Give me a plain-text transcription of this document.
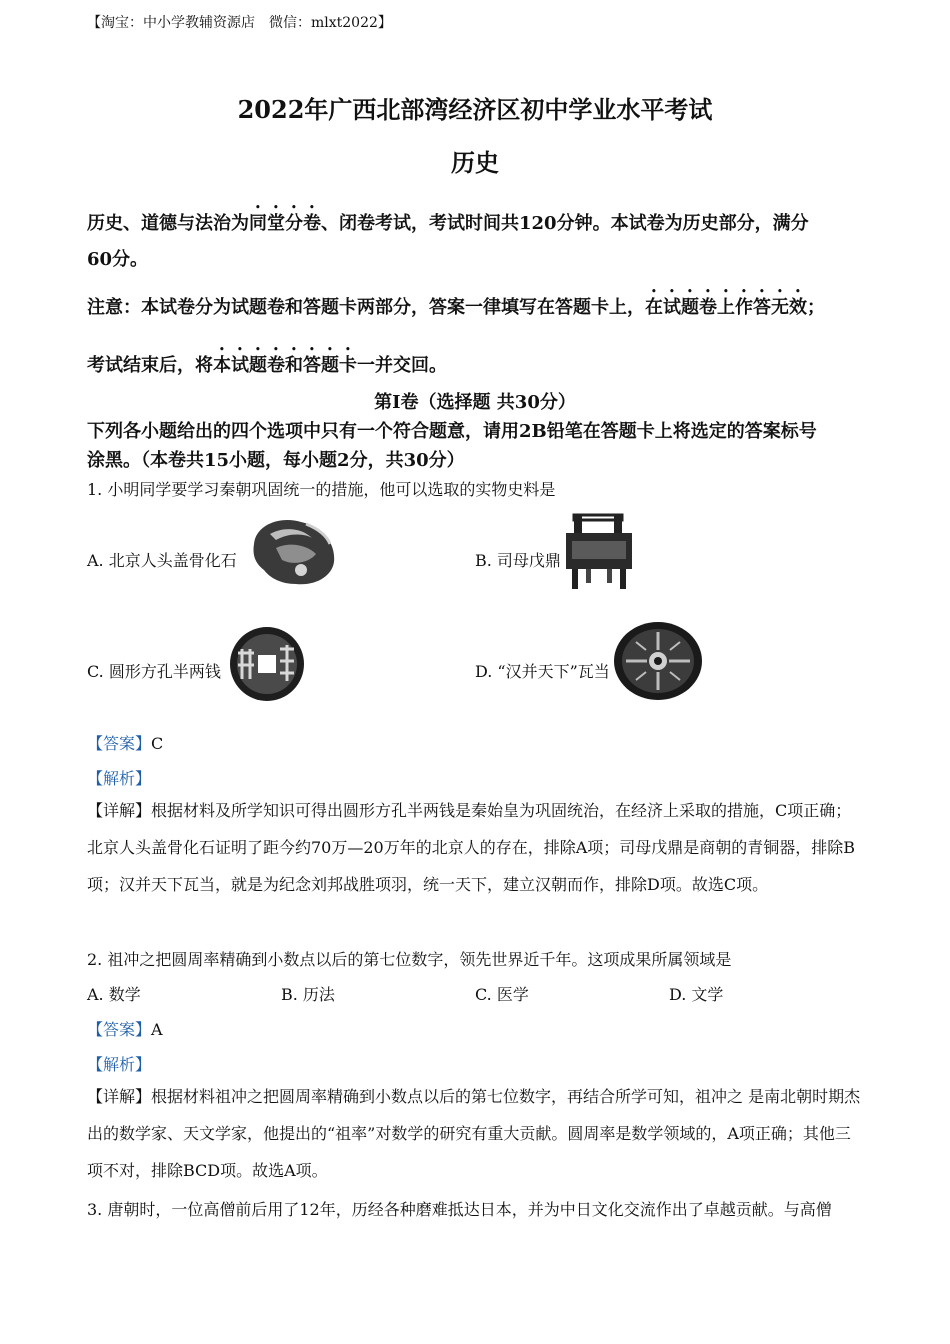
【淘宝：中小学教辅资源店　微信：mlxt2022】
2022年广西北部湾经济区初中学业水平考试
历史
历史、道德与法治为同堂分卷、闭卷考试，考试时间共120分钟。本试卷为历史部分，满分
60分。
注意：本试卷分为试题卷和答题卡两部分，答案一律填写在答题卡上，在试题卷上作答无效；
考试结束后，将本试题卷和答题卡一并交回。
第Ⅰ卷（选择题 共30分）
下列各小题给出的四个选项中只有一个符合题意，请用2B铅笔在答题卡上将选定的答案标号
涂黑。（本卷共15小题，每小题2分，共30分）
1. 小明同学要学习秦朝巩固统一的措施，他可以选取的实物史料是
A. 北京人头盖骨化石	B. 司母戊鼎
C. 圆形方孔半两钱	D. “汉并天下”瓦当
【答案】C
【解析】
【详解】根据材料及所学知识可得出圆形方孔半两钱是秦始皇为巩固统治，在经济上采取的措施，C项正确；北京人头盖骨化石证明了距今约70万—20万年的北京人的存在，排除A项；司母戊鼎是商朝的青铜器，排除B项；汉并天下瓦当，就是为纪念刘邦战胜项羽，统一天下，建立汉朝而作，排除D项。故选C项。
2. 祖冲之把圆周率精确到小数点以后的第七位数字，领先世界近千年。这项成果所属领域是
A. 数学	B. 历法	C. 医学	D. 文学
【答案】A
【解析】
【详解】根据材料祖冲之把圆周率精确到小数点以后的第七位数字，再结合所学可知，祖冲之 是南北朝时期杰出的数学家、天文学家，他提出的“祖率”对数学的研究有重大贡献。圆周率是数学领域的，A项正确；其他三项不对，排除BCD项。故选A项。
3. 唐朝时，一位高僧前后用了12年，历经各种磨难抵达日本，并为中日文化交流作出了卓越贡献。与高僧
